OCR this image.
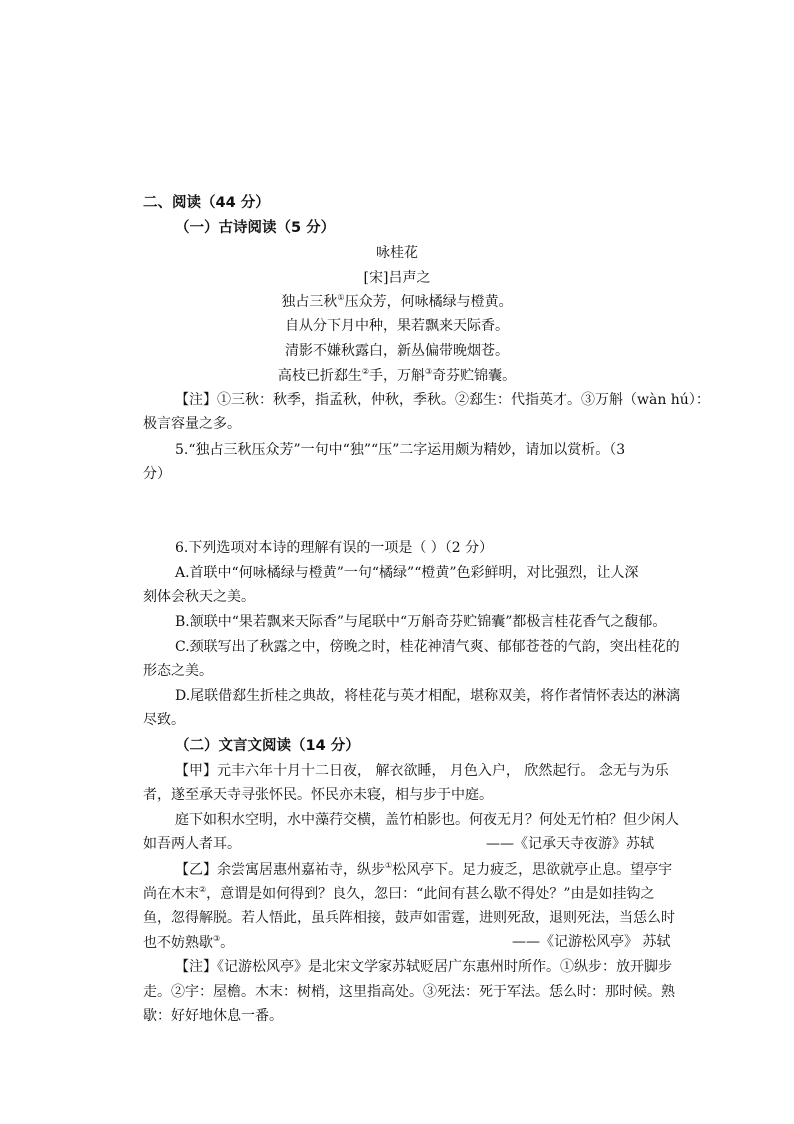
二、阅读（44 分）
（一）古诗阅读（5 分）
咏桂花
[宋]吕声之
独占三秋①压众芳，何咏橘绿与橙黄。
自从分下月中种，果若飘来天际香。
清影不嫌秋露白，新丛偏带晚烟苍。
高枝已折郄生②手，万斛③奇芬贮锦囊。
【注】①三秋：秋季，指孟秋，仲秋，季秋。②郄生：代指英才。③万斛（wàn hú）：
极言容量之多。
5.“独占三秋压众芳”一句中“独”“压”二字运用颇为精妙，请加以赏析。（3
分）
6.下列选项对本诗的理解有误的一项是（ ）（2 分）
A.首联中“何咏橘绿与橙黄”一句“橘绿”“橙黄”色彩鲜明，对比强烈，让人深
刻体会秋天之美。
B.颔联中“果若飘来天际香”与尾联中“万斛奇芬贮锦囊”都极言桂花香气之馥郁。
C.颈联写出了秋露之中，傍晚之时，桂花神清气爽、郁郁苍苍的气韵，突出桂花的
形态之美。
D.尾联借郄生折桂之典故，将桂花与英才相配，堪称双美，将作者情怀表达的淋漓
尽致。
（二）文言文阅读（14 分）
【甲】元丰六年十月十二日夜， 解衣欲睡， 月色入户， 欣然起行。 念无与为乐
者，遂至承天寺寻张怀民。怀民亦未寝，相与步于中庭。
庭下如积水空明，水中藻荇交横，盖竹柏影也。何夜无月？何处无竹柏？但少闲人
如吾两人者耳。	——《记承天寺夜游》苏轼
【乙】余尝寓居惠州嘉祐寺，纵步①松风亭下。足力疲乏，思欲就亭止息。望亭宇
尚在木末②，意谓是如何得到？良久，忽曰：“此间有甚么歇不得处？”由是如挂钩之
鱼，忽得解脱。若人悟此，虽兵阵相接，鼓声如雷霆，进则死敌，退则死法，当恁么时
也不妨熟歇③。	——《记游松风亭》 苏轼
【注】《记游松风亭》是北宋文学家苏轼贬居广东惠州时所作。①纵步：放开脚步
走。②宇：屋檐。木末：树梢，这里指高处。③死法：死于军法。恁么时：那时候。熟
歇：好好地休息一番。
